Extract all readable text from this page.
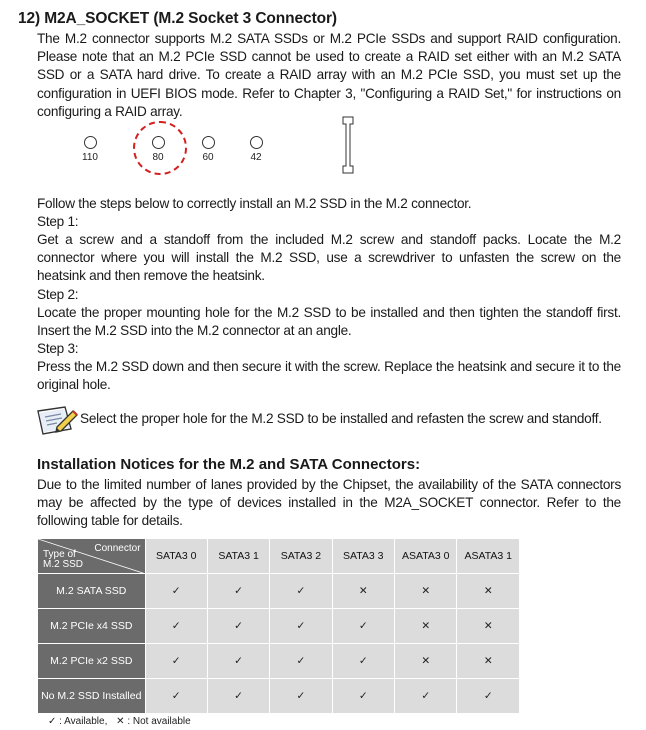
12) M2A_SOCKET (M.2 Socket 3 Connector)
The M.2 connector supports M.2 SATA SSDs or M.2 PCIe SSDs and support RAID configuration. Please note that an M.2 PCIe SSD cannot be used to create a RAID set either with an M.2 SATA SSD or a SATA hard drive. To create a RAID array with an M.2 PCIe SSD, you must set up the configuration in UEFI BIOS mode. Refer to Chapter 3, "Configuring a RAID Set," for instructions on configuring a RAID array.
110	80	60	42
Follow the steps below to correctly install an M.2 SSD in the M.2 connector.
Step 1:
Get a screw and a standoff from the included M.2 screw and standoff packs. Locate the M.2 connector where you will install the M.2 SSD, use a screwdriver to unfasten the screw on the heatsink and then remove the heatsink.
Step 2:
Locate the proper mounting hole for the M.2 SSD to be installed and then tighten the standoff first. Insert the M.2 SSD into the M.2 connector at an angle.
Step 3:
Press the M.2 SSD down and then secure it with the screw. Replace the heatsink and secure it to the original hole.
Select the proper hole for the M.2 SSD to be installed and refasten the screw and standoff.
Installation Notices for the M.2 and SATA Connectors:
Due to the limited number of lanes provided by the Chipset, the availability of the SATA connectors may be affected by the type of devices installed in the M2A_SOCKET connector. Refer to the following table for details.
Connector
Type of
M.2 SSD	SATA3 0	SATA3 1	SATA3 2	SATA3 3	ASATA3 0	ASATA3 1
M.2 SATA SSD	✓	✓	✓	✕	✕	✕
M.2 PCIe x4 SSD	✓	✓	✓	✓	✕	✕
M.2 PCIe x2 SSD	✓	✓	✓	✓	✕	✕
No M.2 SSD Installed	✓	✓	✓	✓	✓	✓
✓ : Available, ✕ : Not available
